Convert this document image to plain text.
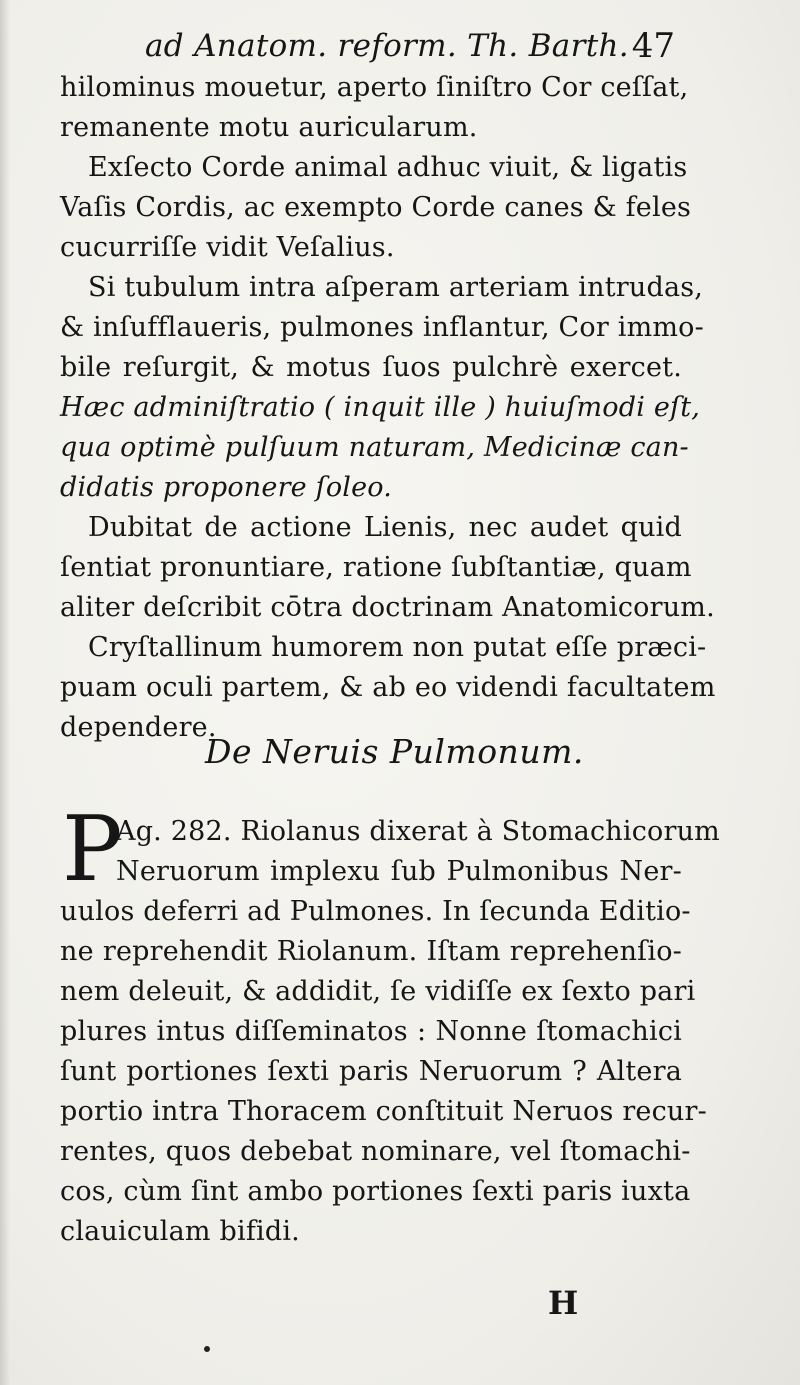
ad Anatom. reform. Th. Barth. 47
hilominus mouetur, aperto ſiniſtro Cor ceſſat,
remanente motu auricularum.
Exſecto Corde animal adhuc viuit, & ligatis
Vaſis Cordis, ac exempto Corde canes & feles
cucurriſſe vidit Veſalius.
Si tubulum intra aſperam arteriam intrudas,
& inſufflaueris, pulmones inflantur, Cor immo-
bile reſurgit, & motus ſuos pulchrè exercet.
Hæc adminiſtratio ( inquit ille ) huiuſmodi eſt,
qua optimè pulſuum naturam, Medicinæ can-
didatis proponere ſoleo.
Dubitat de actione Lienis, nec audet quid
ſentiat pronuntiare, ratione ſubſtantiæ, quam
aliter deſcribit cōtra doctrinam Anatomicorum.
Cryſtallinum humorem non putat eſſe præci-
puam oculi partem, & ab eo videndi facultatem
dependere.
Ag. 282. Riolanus dixerat à Stomachicorum
Neruorum implexu ſub Pulmonibus Ner-
uulos deferri ad Pulmones. In ſecunda Editio-
ne reprehendit Riolanum. Iſtam reprehenſio-
nem deleuit, & addidit, ſe vidiſſe ex ſexto pari
plures intus diſſeminatos : Nonne ſtomachici
ſunt portiones ſexti paris Neruorum ? Altera
portio intra Thoracem conſtituit Neruos recur-
rentes, quos debebat nominare, vel ſtomachi-
cos, cùm ſint ambo portiones ſexti paris iuxta
clauiculam bifidi.
De Neruis Pulmonum.
P
H
